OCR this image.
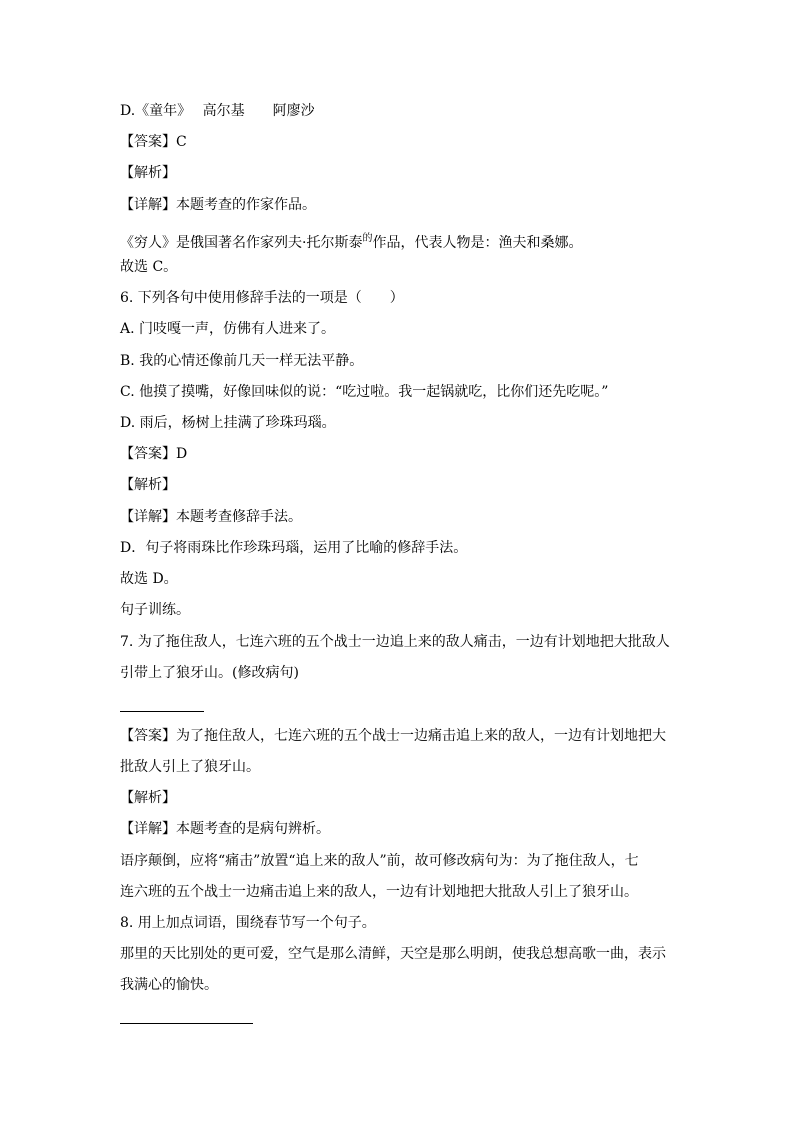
D.《童年》　 高尔基　　阿廖沙
【答案】C
【解析】
【详解】本题考查的作家作品。
《穷人》是俄国著名作家列夫·托尔斯泰$^的$作品，代表人物是：渔夫和桑娜。
故选 C。
6. 下列各句中使用修辞手法的一项是（　　）
A. 门吱嘎一声，仿佛有人进来了。
B. 我的心情还像前几天一样无法平静。
C. 他摸了摸嘴，好像回味似的说：“吃过啦。我一起锅就吃，比你们还先吃呢。”
D. 雨后，杨树上挂满了珍珠玛瑙。
【答案】D
【解析】
【详解】本题考查修辞手法。
D．句子将雨珠比作珍珠玛瑙，运用了比喻的修辞手法。
故选 D。
句子训练。
7. 为了拖住敌人，七连六班的五个战士一边追上来的敌人痛击，一边有计划地把大批敌人
引带上了狼牙山。(修改病句)
【答案】为了拖住敌人，七连六班的五个战士一边痛击追上来的敌人，一边有计划地把大
批敌人引上了狼牙山。
【解析】
【详解】本题考查的是病句辨析。
语序颠倒，应将“痛击”放置“追上来的敌人”前，故可修改病句为：为了拖住敌人，七
连六班的五个战士一边痛击追上来的敌人，一边有计划地把大批敌人引上了狼牙山。
8. 用上加点词语，围绕春节写一个句子。
那里的天比别处的更可爱，空气是那么清鲜，天空是那么明朗，使我总想高歌一曲，表示
我满心的愉快。
